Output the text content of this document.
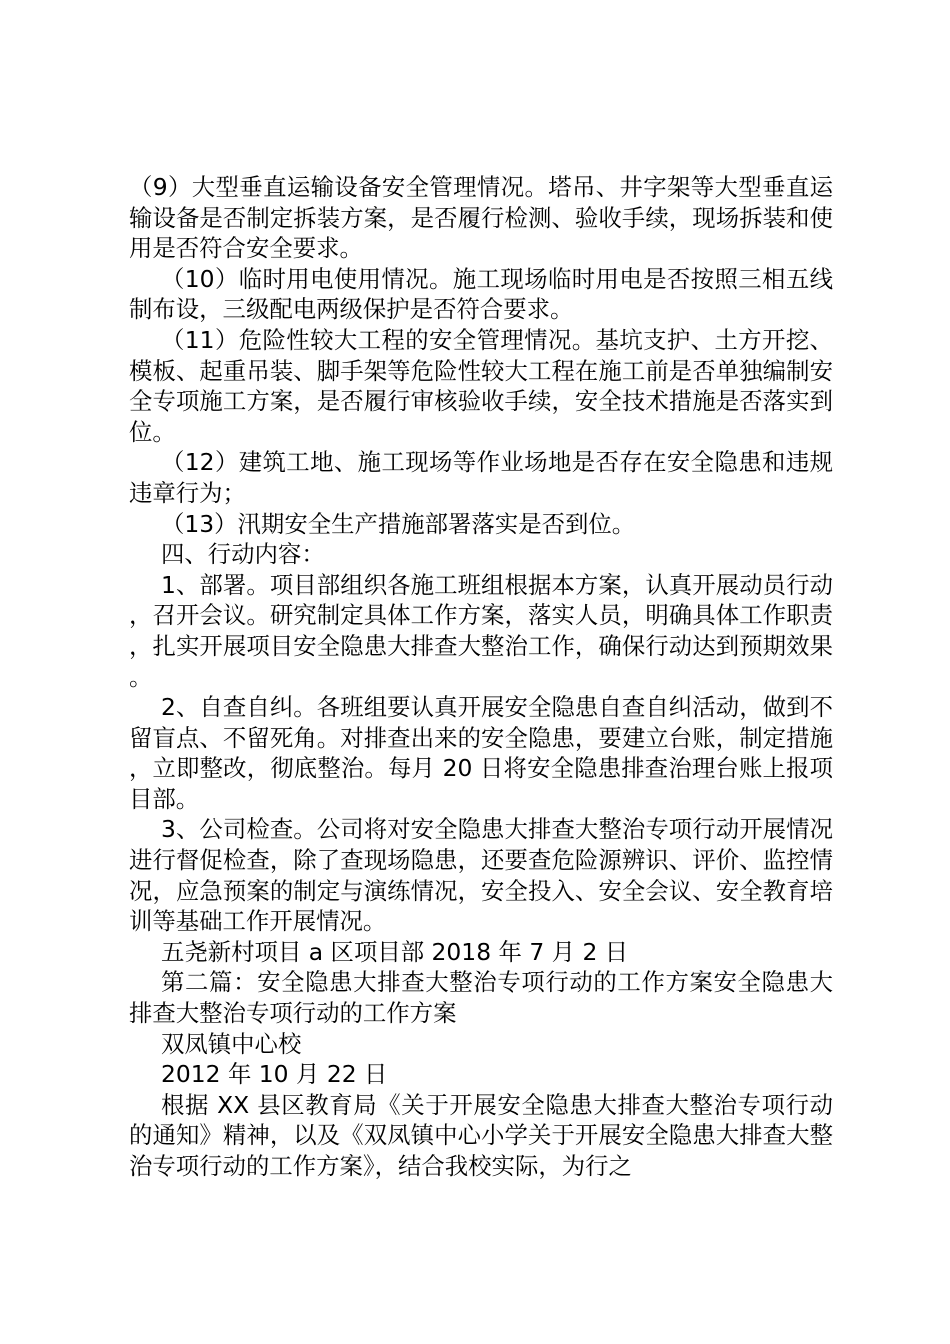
（9）大型垂直运输设备安全管理情况。塔吊、井字架等大型垂直运输设备是否制定拆装方案，是否履行检测、验收手续，现场拆装和使用是否符合安全要求。

（10）临时用电使用情况。施工现场临时用电是否按照三相五线制布设，三级配电两级保护是否符合要求。

（11）危险性较大工程的安全管理情况。基坑支护、土方开挖、模板、起重吊装、脚手架等危险性较大工程在施工前是否单独编制安全专项施工方案，是否履行审核验收手续，安全技术措施是否落实到位。

（12）建筑工地、施工现场等作业场地是否存在安全隐患和违规违章行为；

（13）汛期安全生产措施部署落实是否到位。

四、行动内容：

1、部署。项目部组织各施工班组根据本方案，认真开展动员行动，召开会议。研究制定具体工作方案，落实人员，明确具体工作职责，扎实开展项目安全隐患大排查大整治工作，确保行动达到预期效果。

2、自查自纠。各班组要认真开展安全隐患自查自纠活动，做到不留盲点、不留死角。对排查出来的安全隐患，要建立台账，制定措施，立即整改，彻底整治。每月 20 日将安全隐患排查治理台账上报项目部。

3、公司检查。公司将对安全隐患大排查大整治专项行动开展情况进行督促检查，除了查现场隐患，还要查危险源辨识、评价、监控情况，应急预案的制定与演练情况，安全投入、安全会议、安全教育培训等基础工作开展情况。

五尧新村项目 a 区项目部 2018 年 7 月 2 日

第二篇：安全隐患大排查大整治专项行动的工作方案安全隐患大排查大整治专项行动的工作方案

双凤镇中心校

2012 年 10 月 22 日

根据 XX 县区教育局《关于开展安全隐患大排查大整治专项行动的通知》精神，以及《双凤镇中心小学关于开展安全隐患大排查大整治专项行动的工作方案》，结合我校实际，为行之
